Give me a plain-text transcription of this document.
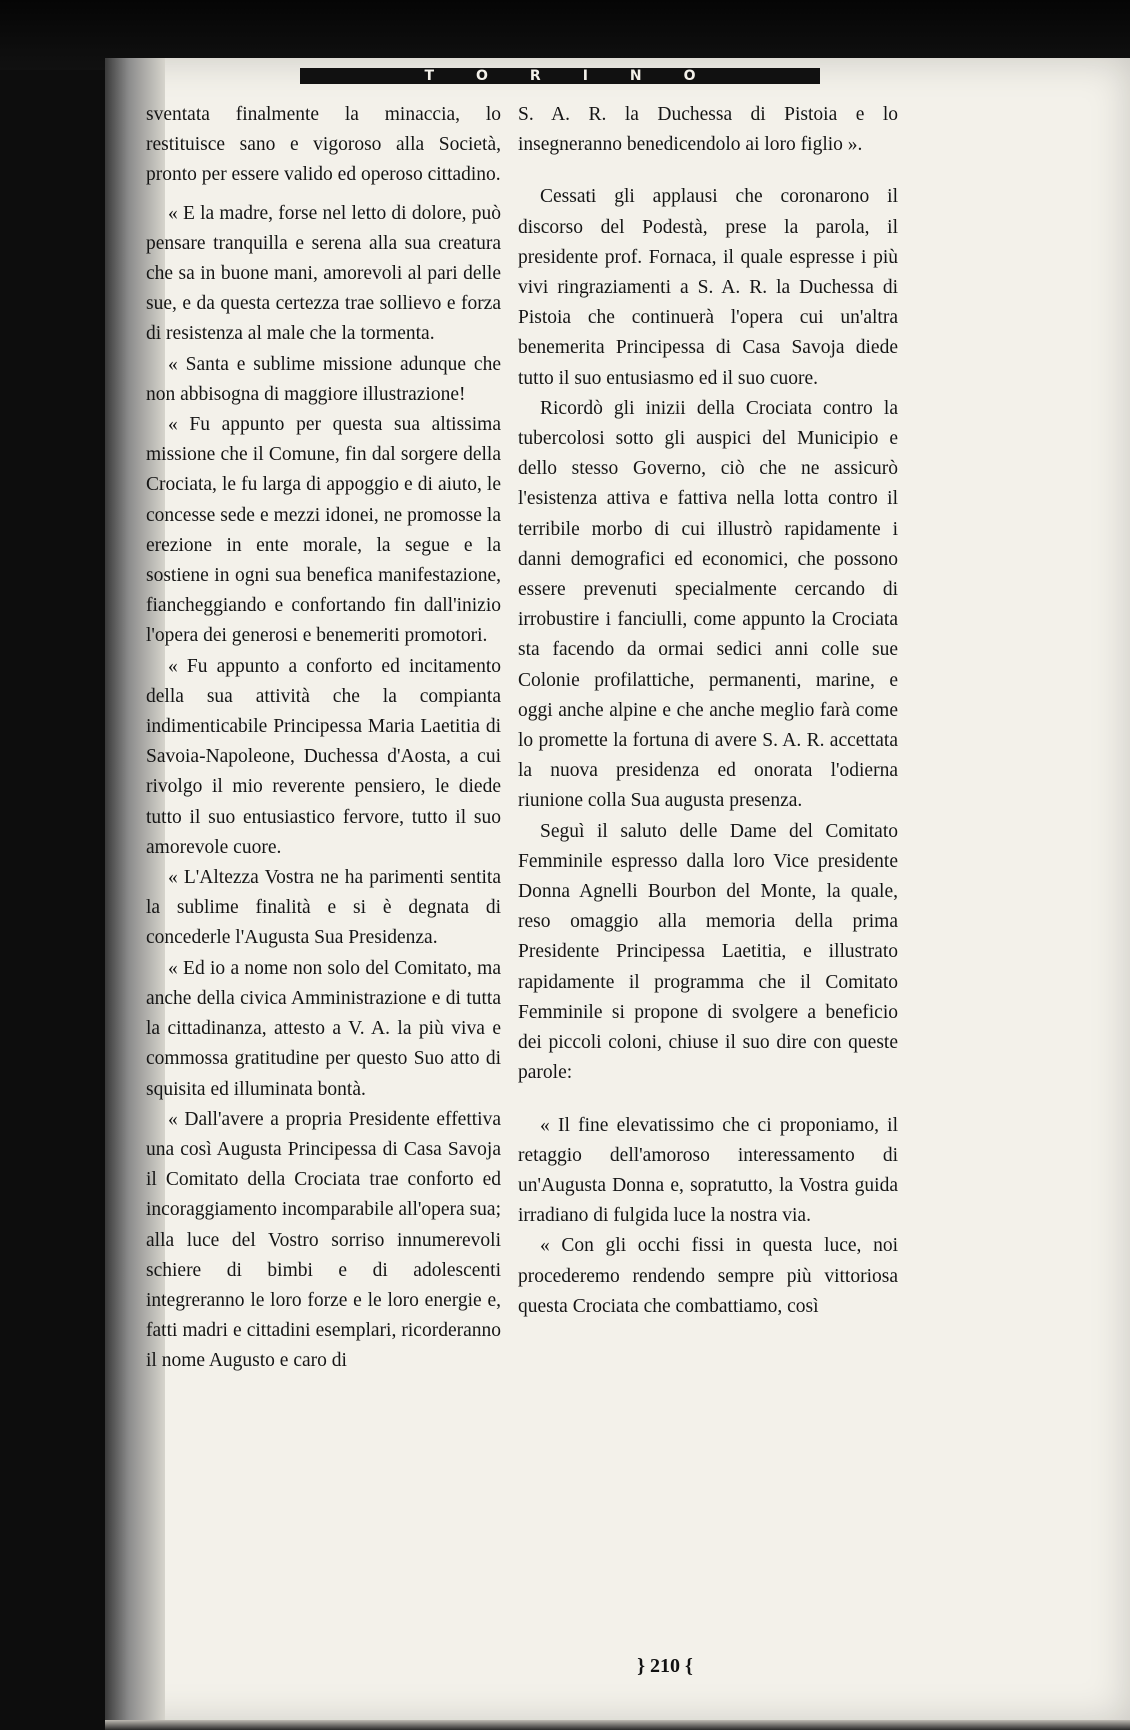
TORINO

sventata finalmente la minaccia, lo restituisce sano e vigoroso alla Società, pronto per essere valido ed operoso cittadino.

« E la madre, forse nel letto di dolore, può pensare tranquilla e serena alla sua creatura che sa in buone mani, amorevoli al pari delle sue, e da questa certezza trae sollievo e forza di resistenza al male che la tormenta.

« Santa e sublime missione adunque che non abbisogna di maggiore illustrazione!

« Fu appunto per questa sua altissima missione che il Comune, fin dal sorgere della Crociata, le fu larga di appoggio e di aiuto, le concesse sede e mezzi idonei, ne promosse la erezione in ente morale, la segue e la sostiene in ogni sua benefica manifestazione, fiancheggiando e confortando fin dall'inizio l'opera dei generosi e benemeriti promotori.

« Fu appunto a conforto ed incitamento della sua attività che la compianta indimenticabile Principessa Maria Laetitia di Savoia-Napoleone, Duchessa d'Aosta, a cui rivolgo il mio reverente pensiero, le diede tutto il suo entusiastico fervore, tutto il suo amorevole cuore.

« L'Altezza Vostra ne ha parimenti sentita la sublime finalità e si è degnata di concederle l'Augusta Sua Presidenza.

« Ed io a nome non solo del Comitato, ma anche della civica Amministrazione e di tutta la cittadinanza, attesto a V. A. la più viva e commossa gratitudine per questo Suo atto di squisita ed illuminata bontà.

« Dall'avere a propria Presidente effettiva una così Augusta Principessa di Casa Savoja il Comitato della Crociata trae conforto ed incoraggiamento incomparabile all'opera sua; alla luce del Vostro sorriso innumerevoli schiere di bimbi e di adolescenti integreranno le loro forze e le loro energie e, fatti madri e cittadini esemplari, ricorderanno il nome Augusto e caro di

S. A. R. la Duchessa di Pistoia e lo insegneranno benedicendolo ai loro figlio ».

Cessati gli applausi che coronarono il discorso del Podestà, prese la parola, il presidente prof. Fornaca, il quale espresse i più vivi ringraziamenti a S. A. R. la Duchessa di Pistoia che continuerà l'opera cui un'altra benemerita Principessa di Casa Savoja diede tutto il suo entusiasmo ed il suo cuore.

Ricordò gli inizii della Crociata contro la tubercolosi sotto gli auspici del Municipio e dello stesso Governo, ciò che ne assicurò l'esistenza attiva e fattiva nella lotta contro il terribile morbo di cui illustrò rapidamente i danni demografici ed economici, che possono essere prevenuti specialmente cercando di irrobustire i fanciulli, come appunto la Crociata sta facendo da ormai sedici anni colle sue Colonie profilattiche, permanenti, marine, e oggi anche alpine e che anche meglio farà come lo promette la fortuna di avere S. A. R. accettata la nuova presidenza ed onorata l'odierna riunione colla Sua augusta presenza.

Seguì il saluto delle Dame del Comitato Femminile espresso dalla loro Vice presidente Donna Agnelli Bourbon del Monte, la quale, reso omaggio alla memoria della prima Presidente Principessa Laetitia, e illustrato rapidamente il programma che il Comitato Femminile si propone di svolgere a beneficio dei piccoli coloni, chiuse il suo dire con queste parole:

« Il fine elevatissimo che ci proponiamo, il retaggio dell'amoroso interessamento di un'Augusta Donna e, sopratutto, la Vostra guida irradiano di fulgida luce la nostra via.

« Con gli occhi fissi in questa luce, noi procederemo rendendo sempre più vittoriosa questa Crociata che combattiamo, così

} 210 {
